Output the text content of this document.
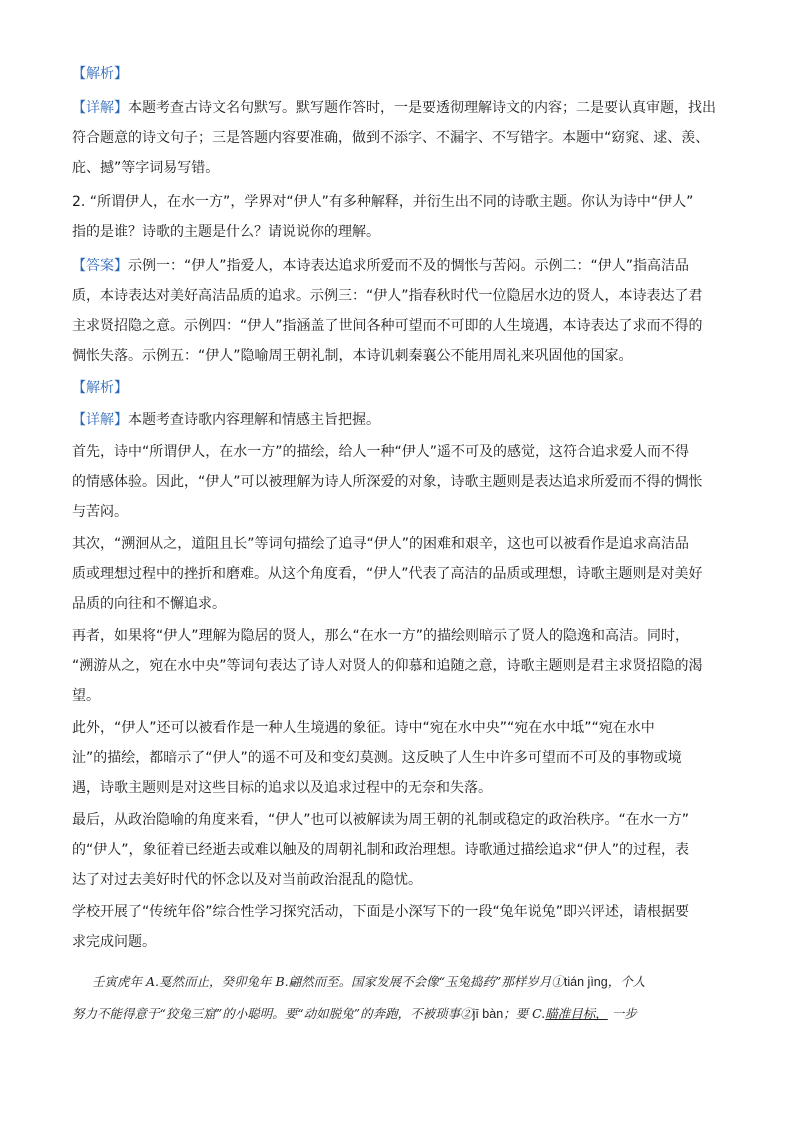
【解析】
【详解】本题考查古诗文名句默写。默写题作答时，一是要透彻理解诗文的内容；二是要认真审题，找出
符合题意的诗文句子；三是答题内容要准确，做到不添字、不漏字、不写错字。本题中“窈窕、逑、羡、
庇、撼”等字词易写错。
2. “所谓伊人，在水一方”，学界对“伊人”有多种解释，并衍生出不同的诗歌主题。你认为诗中“伊人”
指的是谁？诗歌的主题是什么？请说说你的理解。
【答案】示例一：“伊人”指爱人，本诗表达追求所爱而不及的惆怅与苦闷。示例二：“伊人”指高洁品
质，本诗表达对美好高洁品质的追求。示例三：“伊人”指春秋时代一位隐居水边的贤人，本诗表达了君
主求贤招隐之意。示例四：“伊人”指涵盖了世间各种可望而不可即的人生境遇，本诗表达了求而不得的
惆怅失落。示例五：“伊人”隐喻周王朝礼制，本诗讥刺秦襄公不能用周礼来巩固他的国家。
【解析】
【详解】本题考查诗歌内容理解和情感主旨把握。
首先，诗中“所谓伊人，在水一方”的描绘，给人一种“伊人”遥不可及的感觉，这符合追求爱人而不得
的情感体验。因此，“伊人”可以被理解为诗人所深爱的对象，诗歌主题则是表达追求所爱而不得的惆怅
与苦闷。
其次，“溯洄从之，道阻且长”等词句描绘了追寻“伊人”的困难和艰辛，这也可以被看作是追求高洁品
质或理想过程中的挫折和磨难。从这个角度看，“伊人”代表了高洁的品质或理想，诗歌主题则是对美好
品质的向往和不懈追求。
再者，如果将“伊人”理解为隐居的贤人，那么“在水一方”的描绘则暗示了贤人的隐逸和高洁。同时，
“溯游从之，宛在水中央”等词句表达了诗人对贤人的仰慕和追随之意，诗歌主题则是君主求贤招隐的渴
望。
此外，“伊人”还可以被看作是一种人生境遇的象征。诗中“宛在水中央”“宛在水中坻”“宛在水中
沚”的描绘，都暗示了“伊人”的遥不可及和变幻莫测。这反映了人生中许多可望而不可及的事物或境
遇，诗歌主题则是对这些目标的追求以及追求过程中的无奈和失落。
最后，从政治隐喻的角度来看，“伊人”也可以被解读为周王朝的礼制或稳定的政治秩序。“在水一方”
的“伊人”，象征着已经逝去或难以触及的周朝礼制和政治理想。诗歌通过描绘追求“伊人”的过程，表
达了对过去美好时代的怀念以及对当前政治混乱的隐忧。
学校开展了“传统年俗”综合性学习探究活动，下面是小深写下的一段“兔年说兔”即兴评述，请根据要
求完成问题。
壬寅虎年 A.戛然而止，癸卯兔年 B.翩然而至。国家发展不会像“玉兔捣药”那样岁月①tián jìng，个人
努力不能得意于“狡兔三窟”的小聪明。要“动如脱兔”的奔跑，不被琐事②jī bàn；要 C.瞄准目标， 一步
